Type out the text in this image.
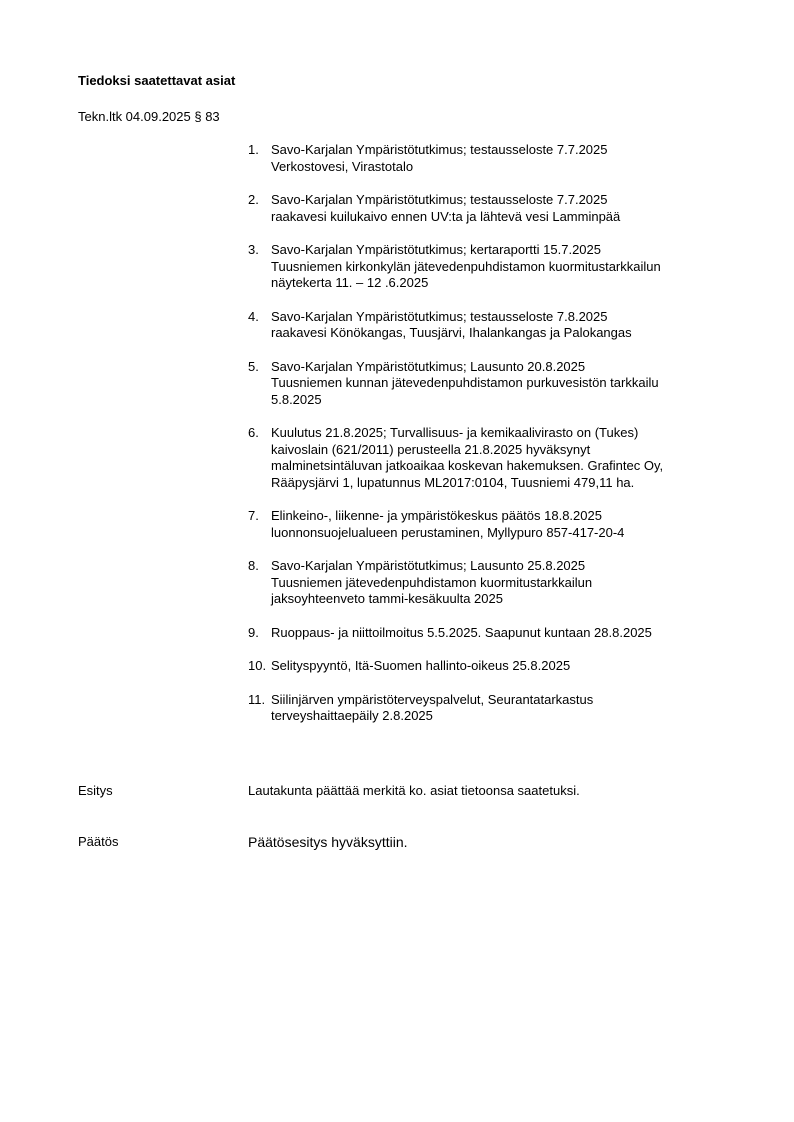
Tiedoksi saatettavat asiat
Tekn.ltk 04.09.2025 § 83
1. Savo-Karjalan Ympäristötutkimus; testausseloste 7.7.2025
Verkostovesi, Virastotalo
2. Savo-Karjalan Ympäristötutkimus; testausseloste 7.7.2025
raakavesi kuilukaivo ennen UV:ta ja lähtevä vesi Lamminpää
3. Savo-Karjalan Ympäristötutkimus; kertaraportti 15.7.2025
Tuusniemen kirkonkylän jätevedenpuhdistamon kuormitustarkkailun
näytekerta 11. – 12 .6.2025
4. Savo-Karjalan Ympäristötutkimus; testausseloste 7.8.2025
raakavesi Könökangas, Tuusjärvi, Ihalankangas ja Palokangas
5. Savo-Karjalan Ympäristötutkimus; Lausunto 20.8.2025
Tuusniemen kunnan jätevedenpuhdistamon purkuvesistön tarkkailu
5.8.2025
6. Kuulutus 21.8.2025; Turvallisuus- ja kemikaalivirasto on (Tukes)
kaivoslain (621/2011) perusteella 21.8.2025 hyväksynyt
malminetsintäluvan jatkoaikaa koskevan hakemuksen. Grafintec Oy,
Rääpysjärvi 1, lupatunnus ML2017:0104, Tuusniemi 479,11 ha.
7. Elinkeino-, liikenne- ja ympäristökeskus päätös 18.8.2025
luonnonsuojelualueen perustaminen, Myllypuro 857-417-20-4
8. Savo-Karjalan Ympäristötutkimus; Lausunto 25.8.2025
Tuusniemen jätevedenpuhdistamon kuormitustarkkailun
jaksoyhteenveto tammi-kesäkuulta 2025
9. Ruoppaus- ja niittoilmoitus 5.5.2025. Saapunut kuntaan 28.8.2025
10. Selityspyyntö, Itä-Suomen hallinto-oikeus 25.8.2025
11. Siilinjärven ympäristöterveyspalvelut, Seurantatarkastus
terveyshaittaepäily 2.8.2025
Esitys	Lautakunta päättää merkitä ko. asiat tietoonsa saatetuksi.
Päätös	Päätösesitys hyväksyttiin.
